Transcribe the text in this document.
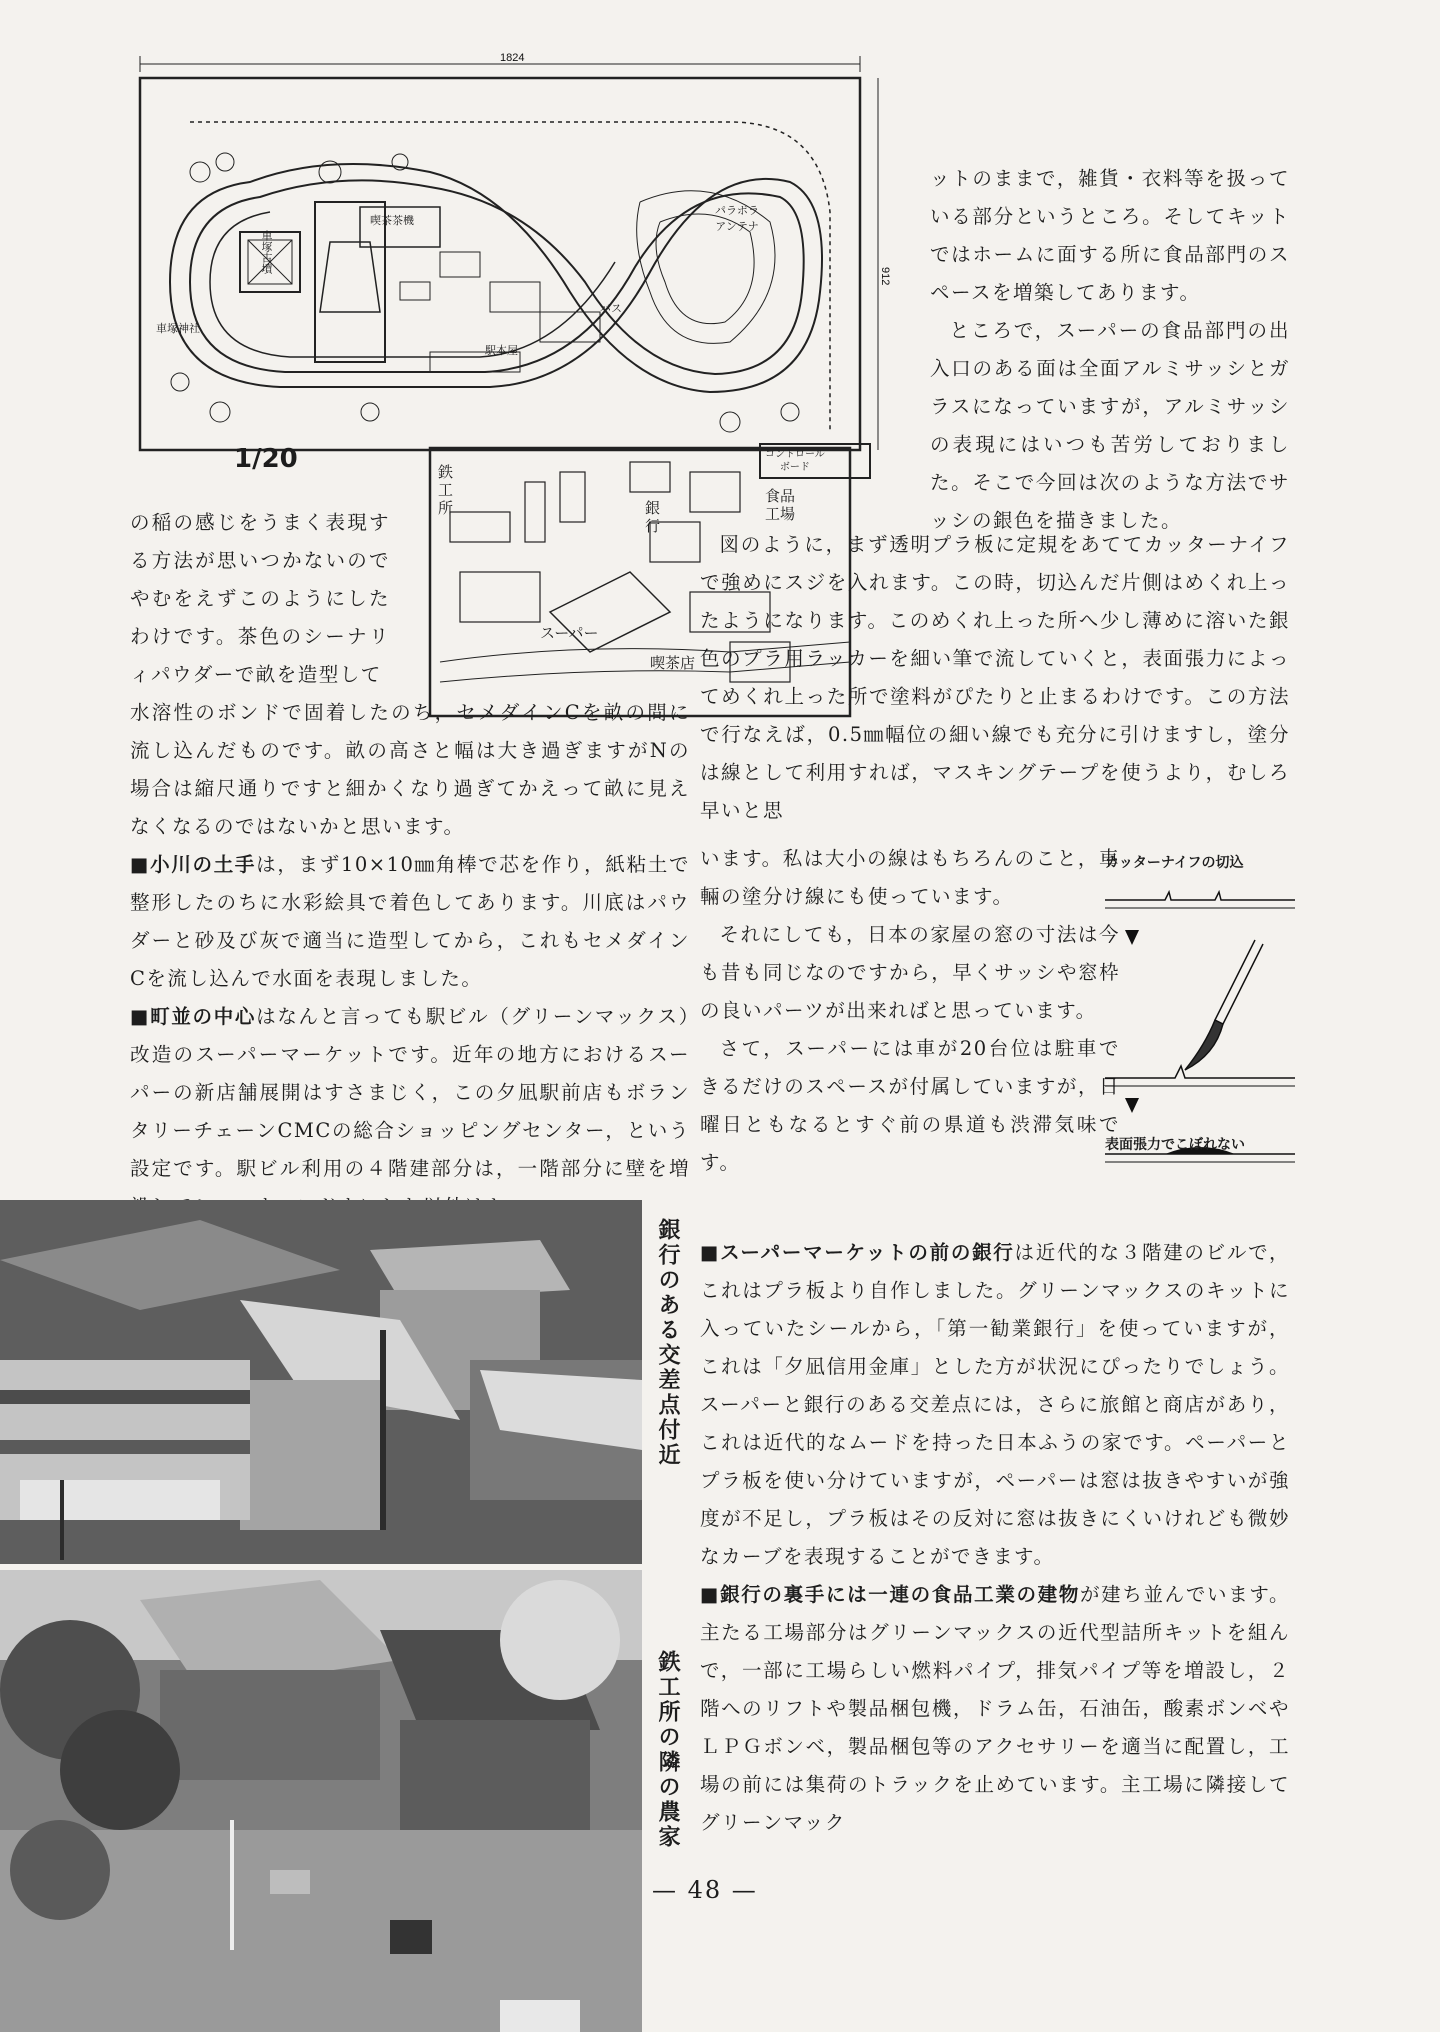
1824
912
車塚古墳
車塚神社
喫茶茶機
パラボラ
アンテナ
バス
駅本屋
コントロール
ボード
鉄
工
所	銀
行
食品
工場
スーパー
喫茶店
1/20

の稲の感じをうまく表現する方法が思いつかないのでやむをえずこのようにしたわけです。茶色のシーナリィパウダーで畝を造型して

水溶性のボンドで固着したのち，セメダインCを畝の間に流し込んだものです。畝の高さと幅は大き過ぎますがNの場合は縮尺通りですと細かくなり過ぎてかえって畝に見えなくなるのではないかと思います。

■小川の土手は，まず10×10㎜角棒で芯を作り，紙粘土で整形したのちに水彩絵具で着色してあります。川底はパウダーと砂及び灰で適当に造型してから，これもセメダインCを流し込んで水面を表現しました。

■町並の中心はなんと言っても駅ビル（グリーンマックス）改造のスーパーマーケットです。近年の地方におけるスーパーの新店舗展開はすさまじく，この夕凪駅前店もボランタリーチェーンCMCの総合ショッピングセンター，という設定です。駅ビル利用の４階建部分は，一階部分に壁を増

ットのままで，雑貨・衣料等を扱っている部分というところ。そしてキットではホームに面する所に食品部門のスペースを増築してあります。

ところで，スーパーの食品部門の出入口のある面は全面アルミサッシとガラスになっていますが，アルミサッシの表現にはいつも苦労しておりました。そこで今回は次のような方法でサッシの銀色を描きました。

図のように，まず透明プラ板に定規をあててカッターナイフで強めにスジを入れます。この時，切込んだ片側はめくれ上ったようになります。このめくれ上った所へ少し薄めに溶いた銀色のプラ用ラッカーを細い筆で流していくと，表面張力によってめくれ上った所で塗料がぴたりと止まるわけです。この方法で行なえば，0.5㎜幅位の細い線でも充分に引けますし，塗分は線として利用すれば，マスキングテープを使うより，むしろ早いと思

います。私は大小の線はもちろんのこと，車輛の塗分け線にも使っています。

それにしても，日本の家屋の窓の寸法は今も昔も同じなのですから，早くサッシや窓枠の良いパーツが出来ればと思っています。

さて，スーパーには車が20台位は駐車できるだけのスペースが付属していますが，日曜日ともなるとすぐ前の県道も渋滞気味です。

■スーパーマーケットの前の銀行は近代的な３階建のビルで，これはプラ板より自作しました。グリーンマックスのキットに入っていたシールから，「第一勧業銀行」を使っていますが，これは「夕凪信用金庫」とした方が状況にぴったりでしょう。スーパーと銀行のある交差点には，さらに旅館と商店があり，これは近代的なムードを持った日本ふうの家です。ペーパーとプラ板を使い分けていますが，ペーパーは窓は抜きやすいが強度が不足し，プラ板はその反対に窓は抜きにくいけれども微妙なカーブを表現することができます。

■銀行の裏手には一連の食品工業の建物が建ち並んでいます。主たる工場部分はグリーンマックスの近代型詰所キットを組んで，一部に工場らしい燃料パイプ，排気パイプ等を増設し，２階へのリフトや製品梱包機，ドラム缶，石油缶，酸素ボンベやＬＰＧボンベ，製品梱包等のアクセサリーを適当に配置し，工場の前には集荷のトラックを止めています。主工場に隣接してグリーンマック

カッターナイフの切込
表面張力でこぼれない
銀行のある交差点付近
鉄工所の隣の農家
— 48 —
